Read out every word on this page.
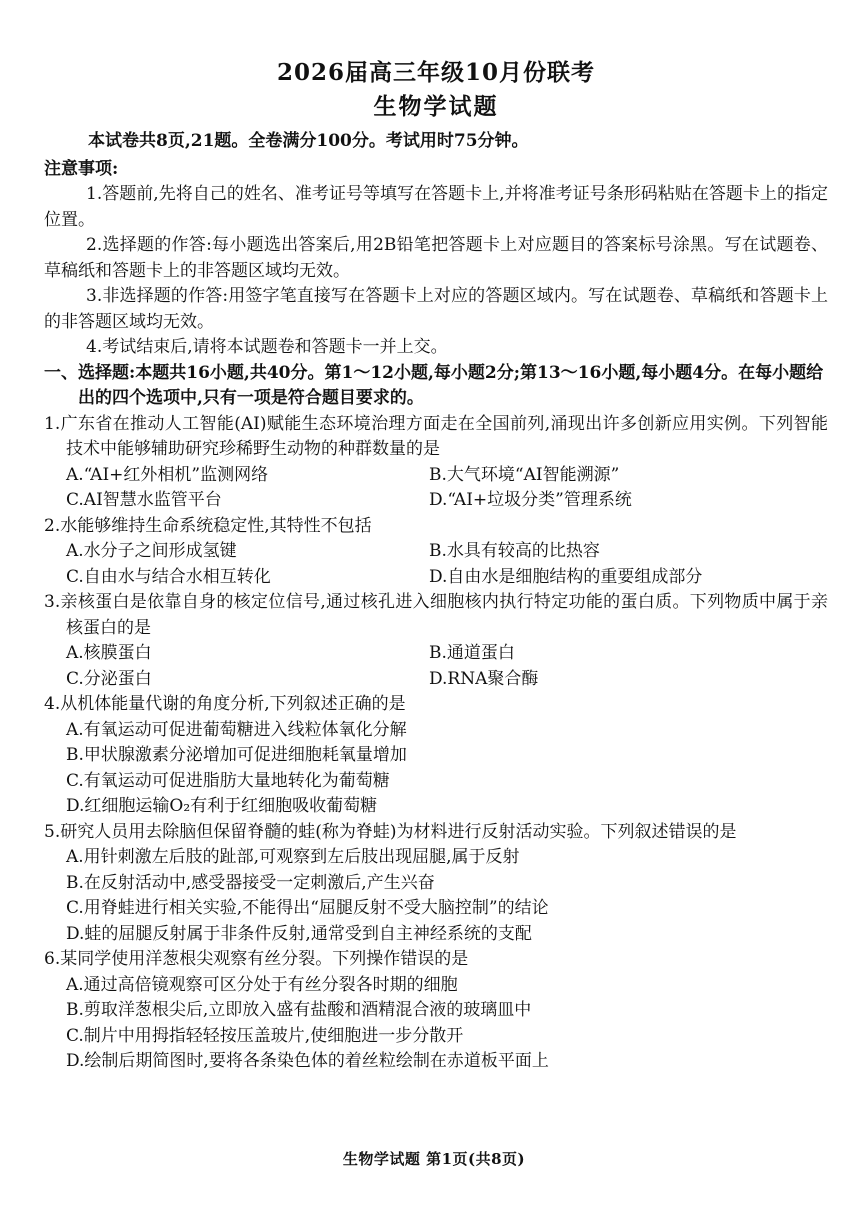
2026届高三年级10月份联考
生物学试题
本试卷共8页,21题。全卷满分100分。考试用时75分钟。
注意事项:
1.答题前,先将自己的姓名、准考证号等填写在答题卡上,并将准考证号条形码粘贴在答题卡上的指定位置。
2.选择题的作答:每小题选出答案后,用2B铅笔把答题卡上对应题目的答案标号涂黑。写在试题卷、草稿纸和答题卡上的非答题区域均无效。
3.非选择题的作答:用签字笔直接写在答题卡上对应的答题区域内。写在试题卷、草稿纸和答题卡上的非答题区域均无效。
4.考试结束后,请将本试题卷和答题卡一并上交。
一、选择题:本题共16小题,共40分。第1～12小题,每小题2分;第13～16小题,每小题4分。在每小题给出的四个选项中,只有一项是符合题目要求的。
1.广东省在推动人工智能(AI)赋能生态环境治理方面走在全国前列,涌现出许多创新应用实例。下列智能技术中能够辅助研究珍稀野生动物的种群数量的是
A.“AI+红外相机”监测网络	B.大气环境“AI智能溯源”
C.AI智慧水监管平台	D.“AI+垃圾分类”管理系统
2.水能够维持生命系统稳定性,其特性不包括
A.水分子之间形成氢键	B.水具有较高的比热容
C.自由水与结合水相互转化	D.自由水是细胞结构的重要组成部分
3.亲核蛋白是依靠自身的核定位信号,通过核孔进入细胞核内执行特定功能的蛋白质。下列物质中属于亲核蛋白的是
A.核膜蛋白	B.通道蛋白
C.分泌蛋白	D.RNA聚合酶
4.从机体能量代谢的角度分析,下列叙述正确的是
A.有氧运动可促进葡萄糖进入线粒体氧化分解
B.甲状腺激素分泌增加可促进细胞耗氧量增加
C.有氧运动可促进脂肪大量地转化为葡萄糖
D.红细胞运输O₂有利于红细胞吸收葡萄糖
5.研究人员用去除脑但保留脊髓的蛙(称为脊蛙)为材料进行反射活动实验。下列叙述错误的是
A.用针刺激左后肢的趾部,可观察到左后肢出现屈腿,属于反射
B.在反射活动中,感受器接受一定刺激后,产生兴奋
C.用脊蛙进行相关实验,不能得出“屈腿反射不受大脑控制”的结论
D.蛙的屈腿反射属于非条件反射,通常受到自主神经系统的支配
6.某同学使用洋葱根尖观察有丝分裂。下列操作错误的是
A.通过高倍镜观察可区分处于有丝分裂各时期的细胞
B.剪取洋葱根尖后,立即放入盛有盐酸和酒精混合液的玻璃皿中
C.制片中用拇指轻轻按压盖玻片,使细胞进一步分散开
D.绘制后期简图时,要将各条染色体的着丝粒绘制在赤道板平面上
生物学试题 第1页(共8页)
